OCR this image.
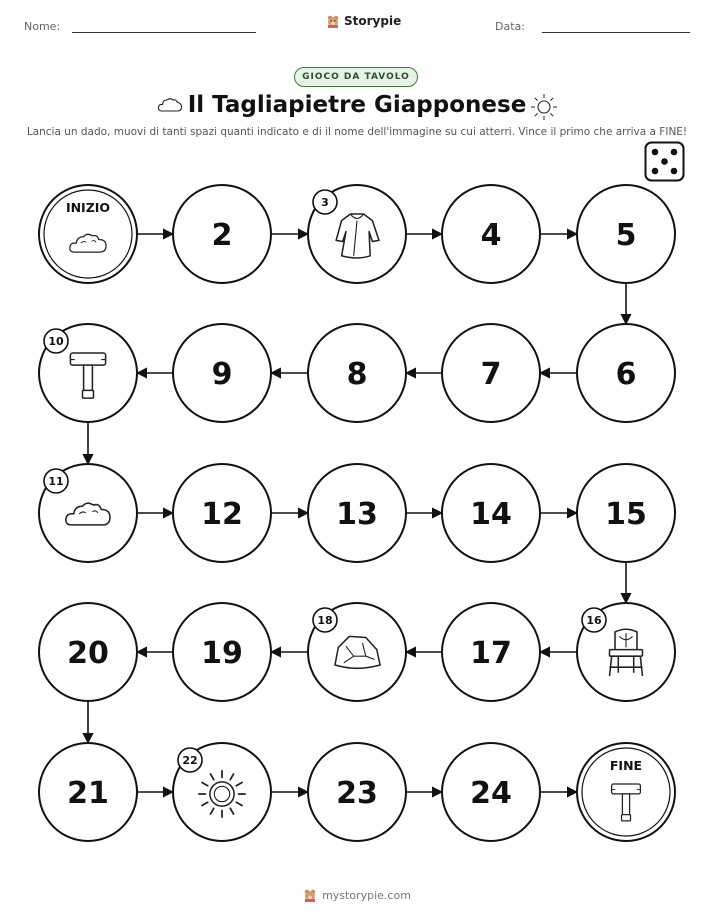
Nome:	Storypie	Data:
GIOCO DA TAVOLO
Il Tagliapietre Giapponese
Lancia un dado, muovi di tanti spazi quanti indicato e di il nome dell'immagine su cui atterri. Vince il primo che arriva a FINE!
INIZIO
2
3
4	5
6
7
8
9
10
11
12	13	14	15
16
17
18
19
20
21
22
23	24
FINE
mystorypie.com
